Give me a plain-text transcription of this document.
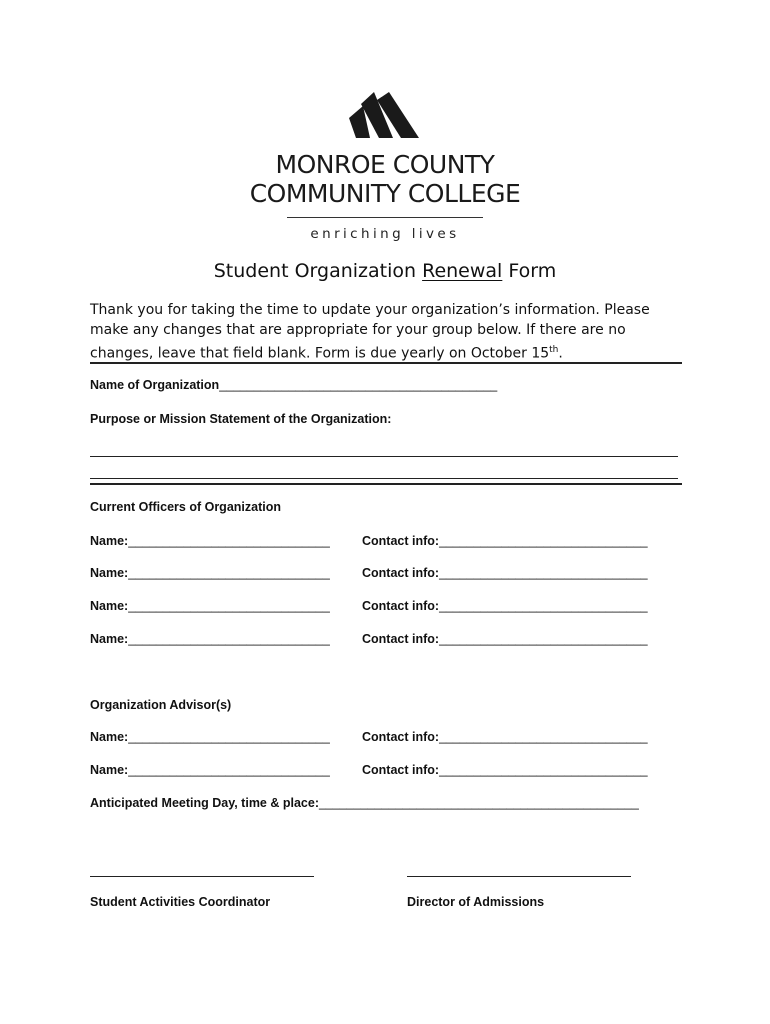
MONROE COUNTY
COMMUNITY COLLEGE
enriching lives
Student Organization Renewal Form
Thank you for taking the time to update your organization’s information. Please make any changes that are appropriate for your group below. If there are no changes, leave that field blank. Form is due yearly on October 15th.
Name of Organization________________________________________
Purpose or Mission Statement of the Organization:
Current Officers of Organization
Name:_____________________________	Contact info:______________________________
Name:_____________________________	Contact info:______________________________
Name:_____________________________	Contact info:______________________________
Name:_____________________________	Contact info:______________________________
Organization Advisor(s)
Name:_____________________________	Contact info:______________________________
Name:_____________________________	Contact info:______________________________
Anticipated Meeting Day, time & place:______________________________________________
Student Activities Coordinator	Director of Admissions
